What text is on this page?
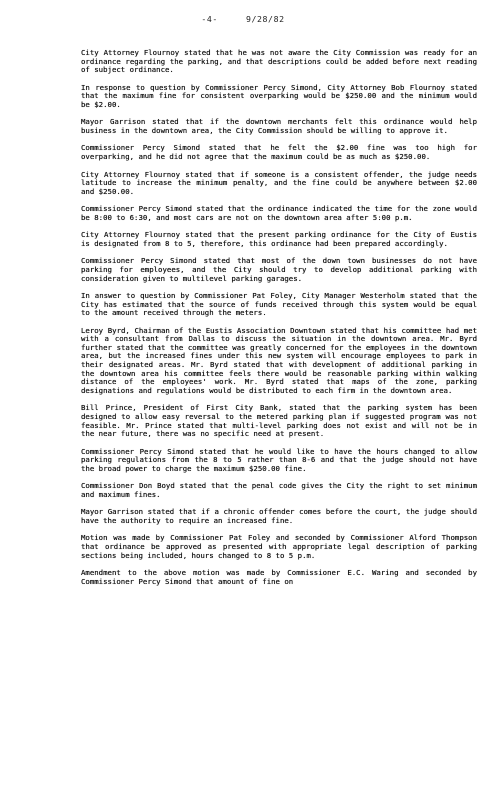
-4-	9/28/82

City Attorney Flournoy stated that he was not aware the City Commission was ready for an ordinance regarding the parking, and that descriptions could be added before next reading of subject ordinance.

In response to question by Commissioner Percy Simond, City Attorney Bob Flournoy stated that the maximum fine for consistent overparking would be $250.00 and the minimum would be $2.00.

Mayor Garrison stated that if the downtown merchants felt this ordinance would help business in the downtown area, the City Commission should be willing to approve it.

Commissioner Percy Simond stated that he felt the $2.00 fine was too high for overparking, and he did not agree that the maximum could be as much as $250.00.

City Attorney Flournoy stated that if someone is a consistent offender, the judge needs latitude to increase the minimum penalty, and the fine could be anywhere between $2.00 and $250.00.

Commissioner Percy Simond stated that the ordinance indicated the time for the zone would be 8:00 to 6:30, and most cars are not on the downtown area after 5:00 p.m.

City Attorney Flournoy stated that the present parking ordinance for the City of Eustis is designated from 8 to 5, therefore, this ordinance had been prepared accordingly.

Commissioner Percy Simond stated that most of the down town businesses do not have parking for employees, and the City should try to develop additional parking with consideration given to multilevel parking garages.

In answer to question by Commissioner Pat Foley, City Manager Westerholm stated that the City has estimated that the source of funds received through this system would be equal to the amount received through the meters.

Leroy Byrd, Chairman of the Eustis Association Downtown stated that his committee had met with a consultant from Dallas to discuss the situation in the downtown area. Mr. Byrd further stated that the committee was greatly concerned for the employees in the downtown area, but the increased fines under this new system will encourage employees to park in their designated areas. Mr. Byrd stated that with development of additional parking in the downtown area his committee feels there would be reasonable parking within walking distance of the employees' work. Mr. Byrd stated that maps of the zone, parking designations and regulations would be distributed to each firm in the downtown area.

Bill Prince, President of First City Bank, stated that the parking system has been designed to allow easy reversal to the metered parking plan if suggested program was not feasible. Mr. Prince stated that multi-level parking does not exist and will not be in the near future, there was no specific need at present.

Commissioner Percy Simond stated that he would like to have the hours changed to allow parking regulations from the 8 to 5 rather than 8-6 and that the judge should not have the broad power to charge the maximum $250.00 fine.

Commissioner Don Boyd stated that the penal code gives the City the right to set minimum and maximum fines.

Mayor Garrison stated that if a chronic offender comes before the court, the judge should have the authority to require an increased fine.

Motion was made by Commissioner Pat Foley and seconded by Commissioner Alford Thompson that ordinance be approved as presented with appropriate legal description of parking sections being included, hours changed to 8 to 5 p.m.

Amendment to the above motion was made by Commissioner E.C. Waring and seconded by Commissioner Percy Simond that amount of fine on
